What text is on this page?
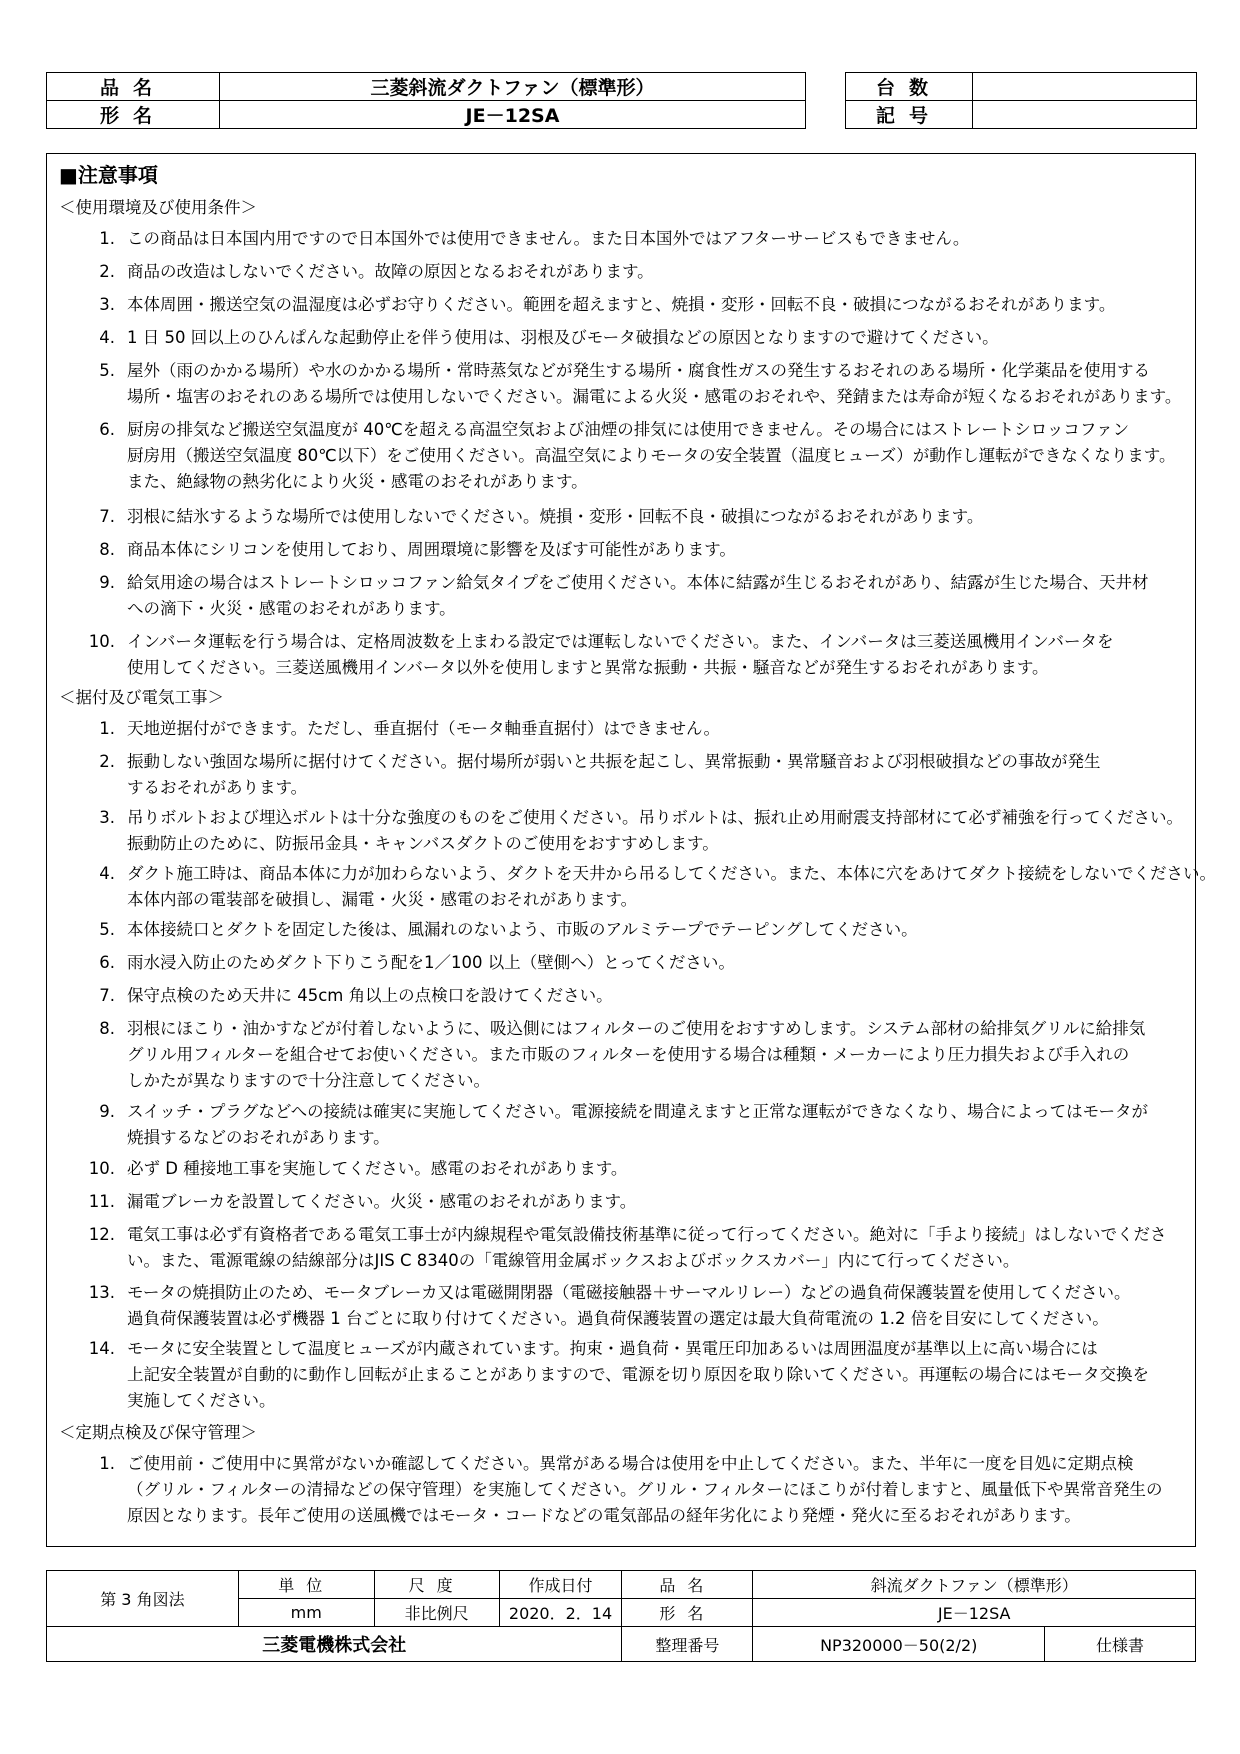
品名	三菱斜流ダクトファン（標準形）
形名	JE－12SA
台数	
記号	
■注意事項
＜使用環境及び使用条件＞
1. この商品は日本国内用ですので日本国外では使用できません。また日本国外ではアフターサービスもできません。
2. 商品の改造はしないでください。故障の原因となるおそれがあります。
3. 本体周囲・搬送空気の温湿度は必ずお守りください。範囲を超えますと、焼損・変形・回転不良・破損につながるおそれがあります。
4. 1 日 50 回以上のひんぱんな起動停止を伴う使用は、羽根及びモータ破損などの原因となりますので避けてください。
5. 屋外（雨のかかる場所）や水のかかる場所・常時蒸気などが発生する場所・腐食性ガスの発生するおそれのある場所・化学薬品を使用する
場所・塩害のおそれのある場所では使用しないでください。漏電による火災・感電のおそれや、発錆または寿命が短くなるおそれがあります。
6. 厨房の排気など搬送空気温度が 40℃を超える高温空気および油煙の排気には使用できません。その場合にはストレートシロッコファン
厨房用（搬送空気温度 80℃以下）をご使用ください。高温空気によりモータの安全装置（温度ヒューズ）が動作し運転ができなくなります。
また、絶縁物の熱劣化により火災・感電のおそれがあります。
7. 羽根に結氷するような場所では使用しないでください。焼損・変形・回転不良・破損につながるおそれがあります。
8. 商品本体にシリコンを使用しており、周囲環境に影響を及ぼす可能性があります。
9. 給気用途の場合はストレートシロッコファン給気タイプをご使用ください。本体に結露が生じるおそれがあり、結露が生じた場合、天井材
への滴下・火災・感電のおそれがあります。
10. インバータ運転を行う場合は、定格周波数を上まわる設定では運転しないでください。また、インバータは三菱送風機用インバータを
使用してください。三菱送風機用インバータ以外を使用しますと異常な振動・共振・騒音などが発生するおそれがあります。
＜据付及び電気工事＞
1. 天地逆据付ができます。ただし、垂直据付（モータ軸垂直据付）はできません。
2. 振動しない強固な場所に据付けてください。据付場所が弱いと共振を起こし、異常振動・異常騒音および羽根破損などの事故が発生
するおそれがあります。
3. 吊りボルトおよび埋込ボルトは十分な強度のものをご使用ください。吊りボルトは、振れ止め用耐震支持部材にて必ず補強を行ってください。
振動防止のために、防振吊金具・キャンバスダクトのご使用をおすすめします。
4. ダクト施工時は、商品本体に力が加わらないよう、ダクトを天井から吊るしてください。また、本体に穴をあけてダクト接続をしないでください。
本体内部の電装部を破損し、漏電・火災・感電のおそれがあります。
5. 本体接続口とダクトを固定した後は、風漏れのないよう、市販のアルミテープでテーピングしてください。
6. 雨水浸入防止のためダクト下りこう配を1／100 以上（壁側へ）とってください。
7. 保守点検のため天井に 45cm 角以上の点検口を設けてください。
8. 羽根にほこり・油かすなどが付着しないように、吸込側にはフィルターのご使用をおすすめします。システム部材の給排気グリルに給排気
グリル用フィルターを組合せてお使いください。また市販のフィルターを使用する場合は種類・メーカーにより圧力損失および手入れの
しかたが異なりますので十分注意してください。
9. スイッチ・プラグなどへの接続は確実に実施してください。電源接続を間違えますと正常な運転ができなくなり、場合によってはモータが
焼損するなどのおそれがあります。
10. 必ず D 種接地工事を実施してください。感電のおそれがあります。
11. 漏電ブレーカを設置してください。火災・感電のおそれがあります。
12. 電気工事は必ず有資格者である電気工事士が内線規程や電気設備技術基準に従って行ってください。絶対に「手より接続」はしないでくださ
い。また、電源電線の結線部分はJIS C 8340の「電線管用金属ボックスおよびボックスカバー」内にて行ってください。
13. モータの焼損防止のため、モータブレーカ又は電磁開閉器（電磁接触器＋サーマルリレー）などの過負荷保護装置を使用してください。
過負荷保護装置は必ず機器 1 台ごとに取り付けてください。過負荷保護装置の選定は最大負荷電流の 1.2 倍を目安にしてください。
14. モータに安全装置として温度ヒューズが内蔵されています。拘束・過負荷・異電圧印加あるいは周囲温度が基準以上に高い場合には
上記安全装置が自動的に動作し回転が止まることがありますので、電源を切り原因を取り除いてください。再運転の場合にはモータ交換を
実施してください。
＜定期点検及び保守管理＞
1. ご使用前・ご使用中に異常がないか確認してください。異常がある場合は使用を中止してください。また、半年に一度を目処に定期点検
（グリル・フィルターの清掃などの保守管理）を実施してください。グリル・フィルターにほこりが付着しますと、風量低下や異常音発生の
原因となります。長年ご使用の送風機ではモータ・コードなどの電気部品の経年劣化により発煙・発火に至るおそれがあります。
第 3 角図法	単位	尺度	作成日付	品名	斜流ダクトファン（標準形）	
	mm	非比例尺	2020．2．14	形名	JE－12SA	
三菱電機株式会社				整理番号	NP320000－50(2/2)	仕様書
